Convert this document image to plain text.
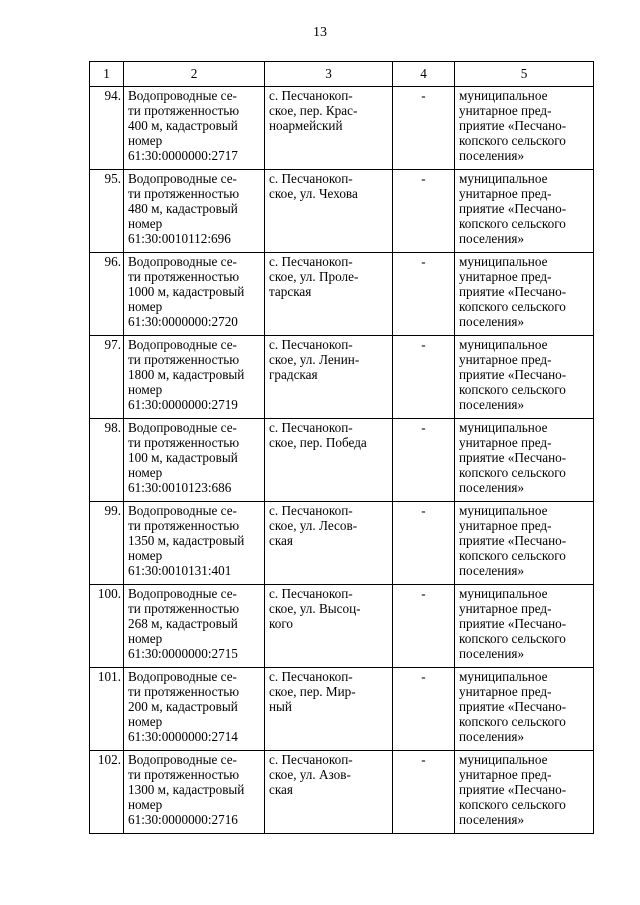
13
1	2	3	4	5
94.	Водопроводные се-
ти протяженностью
400 м, кадастровый
номер
61:30:0000000:2717	с. Песчанокоп-
ское, пер. Крас-
ноармейский	-	муниципальное
унитарное пред-
приятие «Песчано-
копского сельского
поселения»

95.	Водопроводные се-
ти протяженностью
480 м, кадастровый
номер
61:30:0010112:696	с. Песчанокоп-
ское, ул. Чехова	-	муниципальное
унитарное пред-
приятие «Песчано-
копского сельского
поселения»

96.	Водопроводные се-
ти протяженностью
1000 м, кадастровый
номер
61:30:0000000:2720	с. Песчанокоп-
ское, ул. Проле-
тарская	-	муниципальное
унитарное пред-
приятие «Песчано-
копского сельского
поселения»

97.	Водопроводные се-
ти протяженностью
1800 м, кадастровый
номер
61:30:0000000:2719	с. Песчанокоп-
ское, ул. Ленин-
градская	-	муниципальное
унитарное пред-
приятие «Песчано-
копского сельского
поселения»

98.	Водопроводные се-
ти протяженностью
100 м, кадастровый
номер
61:30:0010123:686	с. Песчанокоп-
ское, пер. Победа	-	муниципальное
унитарное пред-
приятие «Песчано-
копского сельского
поселения»

99.	Водопроводные се-
ти протяженностью
1350 м, кадастровый
номер
61:30:0010131:401	с. Песчанокоп-
ское, ул. Лесов-
ская	-	муниципальное
унитарное пред-
приятие «Песчано-
копского сельского
поселения»

100.	Водопроводные се-
ти протяженностью
268 м, кадастровый
номер
61:30:0000000:2715	с. Песчанокоп-
ское, ул. Высоц-
кого	-	муниципальное
унитарное пред-
приятие «Песчано-
копского сельского
поселения»

101.	Водопроводные се-
ти протяженностью
200 м, кадастровый
номер
61:30:0000000:2714	с. Песчанокоп-
ское, пер. Мир-
ный	-	муниципальное
унитарное пред-
приятие «Песчано-
копского сельского
поселения»

102.	Водопроводные се-
ти протяженностью
1300 м, кадастровый
номер
61:30:0000000:2716	с. Песчанокоп-
ское, ул. Азов-
ская	-	муниципальное
унитарное пред-
приятие «Песчано-
копского сельского
поселения»
